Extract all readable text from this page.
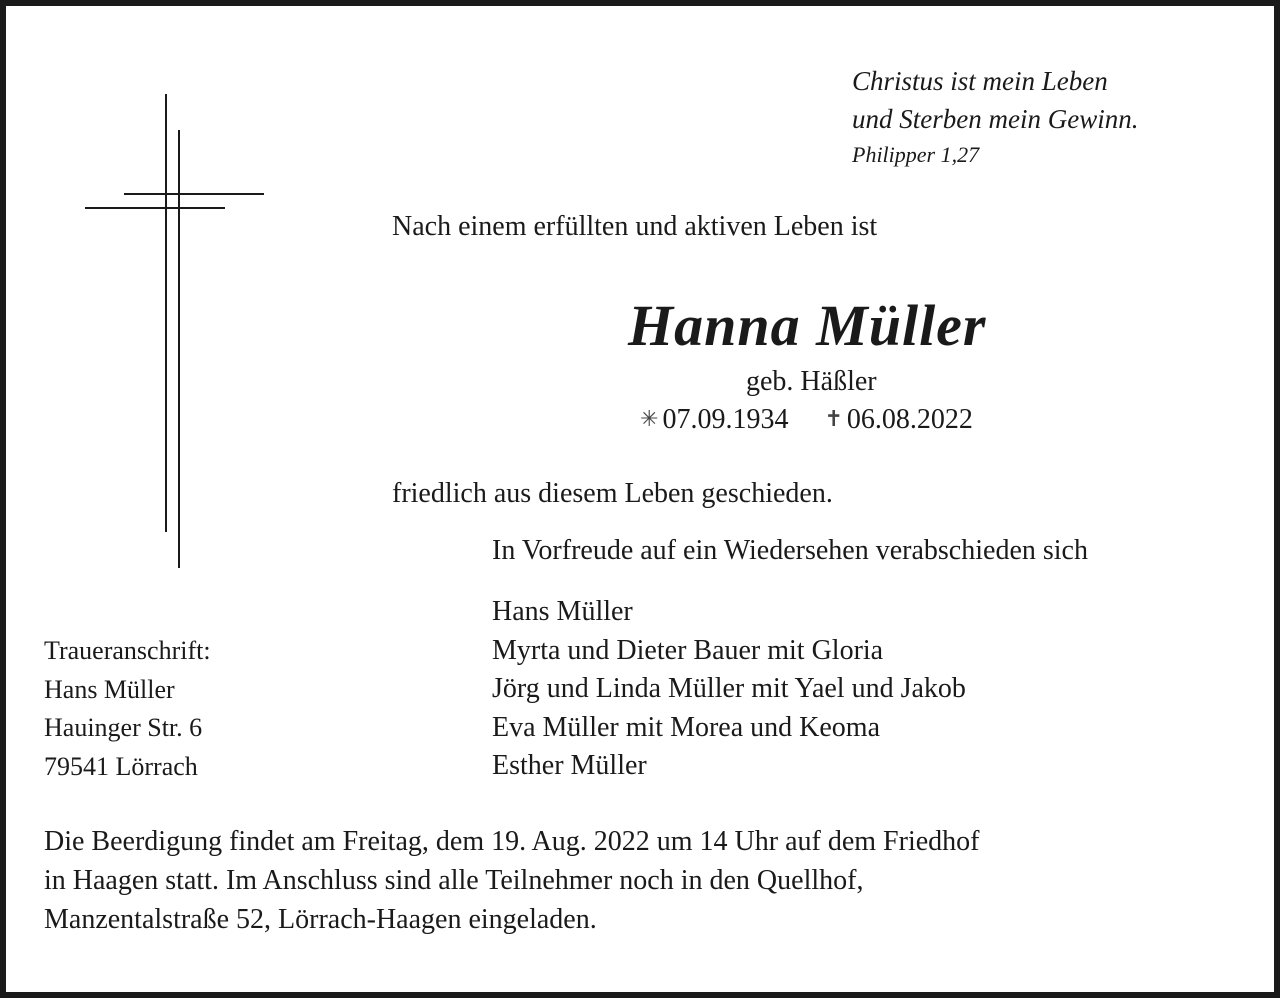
Christus ist mein Leben
und Sterben mein Gewinn.
Philipper 1,27
Nach einem erfüllten und aktiven Leben ist
Hanna Müller
geb. Häßler
✳ 07.09.1934 ✝ 06.08.2022
friedlich aus diesem Leben geschieden.
In Vorfreude auf ein Wiedersehen verabschieden sich
Hans Müller
Myrta und Dieter Bauer mit Gloria
Jörg und Linda Müller mit Yael und Jakob
Eva Müller mit Morea und Keoma
Esther Müller
Traueranschrift:
Hans Müller
Hauinger Str. 6
79541 Lörrach
Die Beerdigung findet am Freitag, dem 19. Aug. 2022 um 14 Uhr auf dem Friedhof
in Haagen statt. Im Anschluss sind alle Teilnehmer noch in den Quellhof,
Manzentalstraße 52, Lörrach-Haagen eingeladen.
